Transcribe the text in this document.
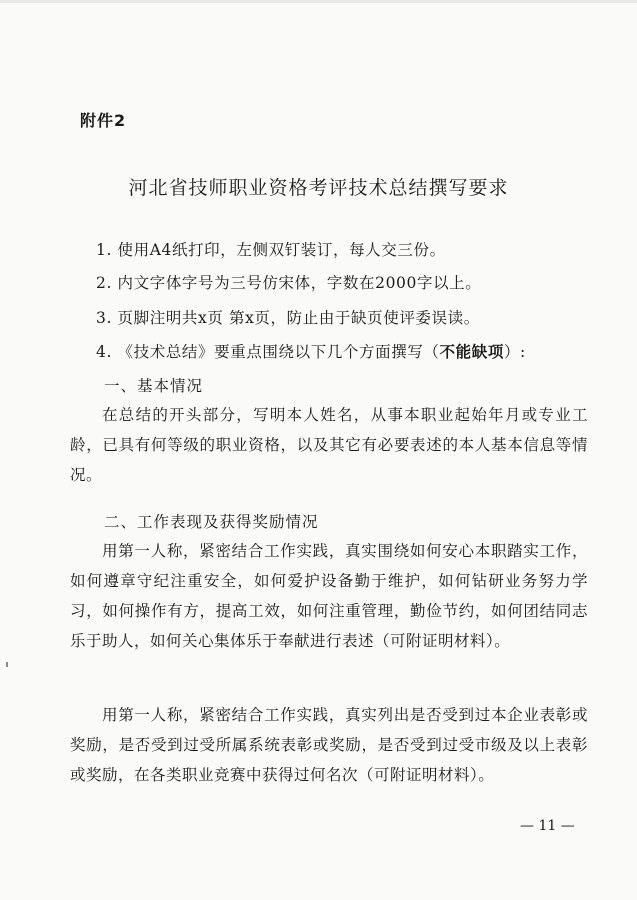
附件2
河北省技师职业资格考评技术总结撰写要求
1. 使用A4纸打印，左侧双钉装订，每人交三份。
2. 内文字体字号为三号仿宋体，字数在2000字以上。
3. 页脚注明共x页 第x页，防止由于缺页使评委误读。
4. 《技术总结》要重点围绕以下几个方面撰写（不能缺项）:
一、基本情况
在总结的开头部分，写明本人姓名，从事本职业起始年月或专业工龄，已具有何等级的职业资格，以及其它有必要表述的本人基本信息等情况。
二、工作表现及获得奖励情况
用第一人称，紧密结合工作实践，真实围绕如何安心本职踏实工作，如何遵章守纪注重安全，如何爱护设备勤于维护，如何钻研业务努力学习，如何操作有方，提高工效，如何注重管理，勤俭节约，如何团结同志乐于助人，如何关心集体乐于奉献进行表述（可附证明材料）。
用第一人称，紧密结合工作实践，真实列出是否受到过本企业表彰或奖励，是否受到过受所属系统表彰或奖励，是否受到过受市级及以上表彰或奖励，在各类职业竞赛中获得过何名次（可附证明材料）。
— 11 —
